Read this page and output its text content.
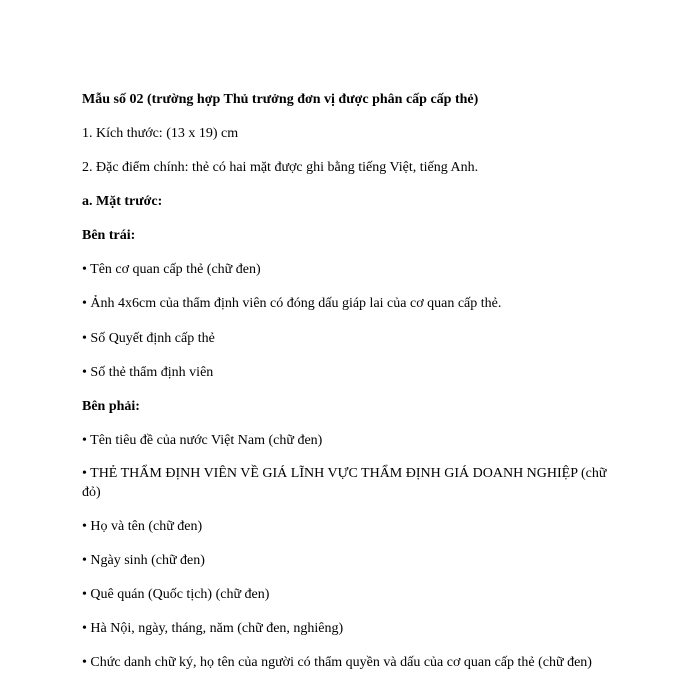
Mẫu số 02 (trường hợp Thủ trưởng đơn vị được phân cấp cấp thẻ)

1. Kích thước: (13 x 19) cm

2. Đặc điểm chính: thẻ có hai mặt được ghi bằng tiếng Việt, tiếng Anh.

a. Mặt trước:

Bên trái:

• Tên cơ quan cấp thẻ (chữ đen)

• Ảnh 4x6cm của thẩm định viên có đóng dấu giáp lai của cơ quan cấp thẻ.

• Số Quyết định cấp thẻ

• Số thẻ thẩm định viên

Bên phải:

• Tên tiêu đề của nước Việt Nam (chữ đen)

• THẺ THẨM ĐỊNH VIÊN VỀ GIÁ LĨNH VỰC THẨM ĐỊNH GIÁ DOANH NGHIỆP (chữ đỏ)

• Họ và tên (chữ đen)

• Ngày sinh (chữ đen)

• Quê quán (Quốc tịch) (chữ đen)

• Hà Nội, ngày, tháng, năm (chữ đen, nghiêng)

• Chức danh chữ ký, họ tên của người có thẩm quyền và dấu của cơ quan cấp thẻ (chữ đen)
